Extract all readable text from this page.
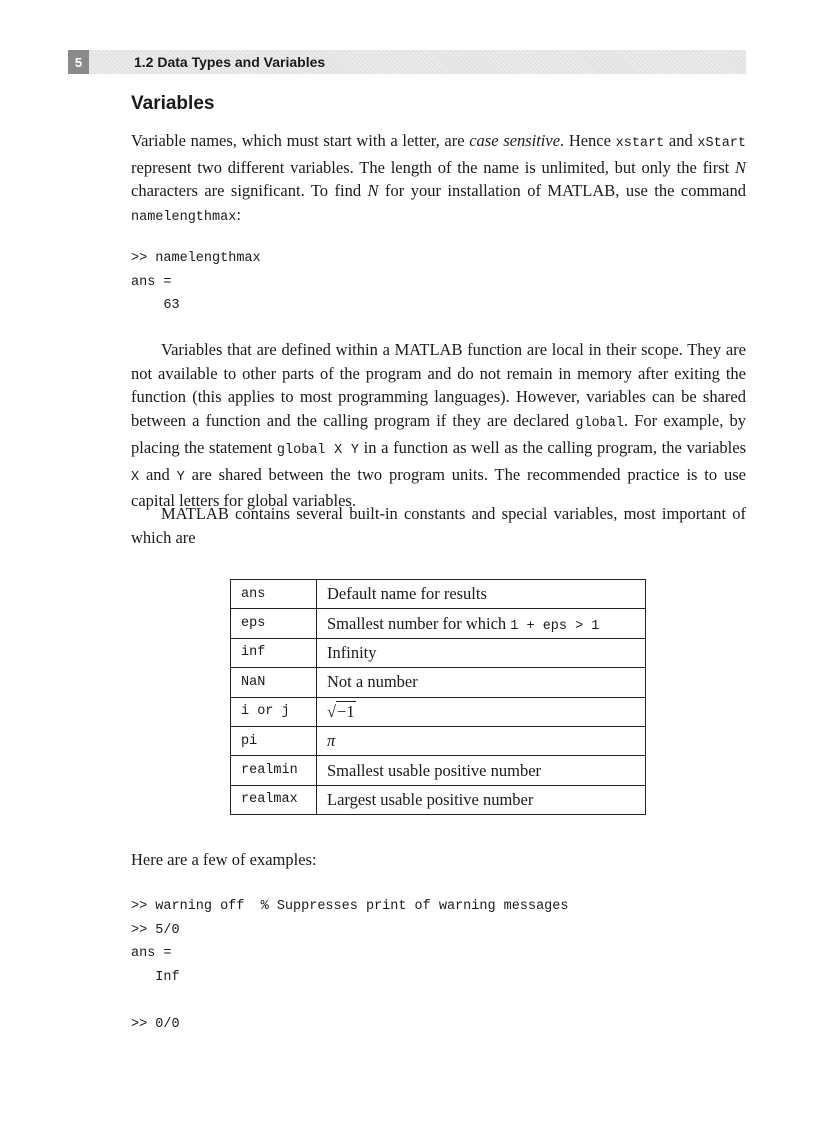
5	1.2 Data Types and Variables
Variables

Variable names, which must start with a letter, are case sensitive. Hence xstart and xStart represent two different variables. The length of the name is unlimited, but only the first N characters are significant. To find N for your installation of MATLAB, use the command namelengthmax:

>> namelengthmax
ans =
63

Variables that are defined within a MATLAB function are local in their scope. They are not available to other parts of the program and do not remain in memory after exiting the function (this applies to most programming languages). However, variables can be shared between a function and the calling program if they are declared global. For example, by placing the statement global X Y in a function as well as the calling program, the variables X and Y are shared between the two program units. The recommended practice is to use capital letters for global variables.

MATLAB contains several built-in constants and special variables, most important of which are

ans	Default name for results
eps	Smallest number for which 1 + eps > 1
inf	Infinity
NaN	Not a number
i or j	√−1
pi	π
realmin	Smallest usable positive number
realmax	Largest usable positive number

Here are a few of examples:

>> warning off  % Suppresses print of warning messages
>> 5/0
ans =
Inf
>> 0/0
